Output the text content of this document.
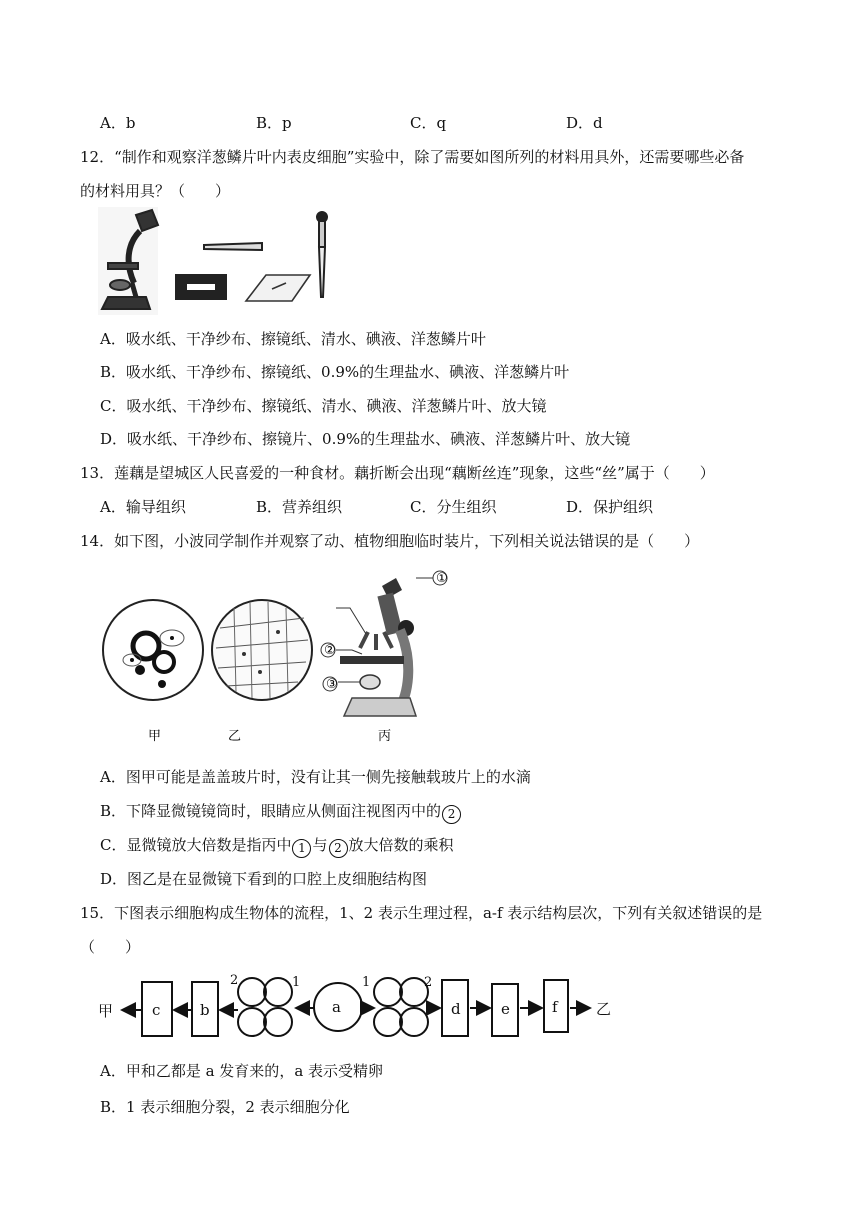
A．b	B．p	C．q	D．d
12．“制作和观察洋葱鳞片叶内表皮细胞”实验中，除了需要如图所列的材料用具外，还需要哪些必备
的材料用具？（　　）
A．吸水纸、干净纱布、擦镜纸、清水、碘液、洋葱鳞片叶
B．吸水纸、干净纱布、擦镜纸、0.9%的生理盐水、碘液、洋葱鳞片叶
C．吸水纸、干净纱布、擦镜纸、清水、碘液、洋葱鳞片叶、放大镜
D．吸水纸、干净纱布、擦镜片、0.9%的生理盐水、碘液、洋葱鳞片叶、放大镜
13．莲藕是望城区人民喜爱的一种食材。藕折断会出现“藕断丝连”现象，这些“丝”属于（　　）
A．输导组织	B．营养组织	C．分生组织	D．保护组织
14．如下图，小波同学制作并观察了动、植物细胞临时装片，下列相关说法错误的是（　　）
甲	乙
①
②
③
丙
A．图甲可能是盖盖玻片时，没有让其一侧先接触载玻片上的水滴
B．下降显微镜镜筒时，眼睛应从侧面注视图丙中的 2
C．显微镜放大倍数是指丙中 1 与 2 放大倍数的乘积
D．图乙是在显微镜下看到的口腔上皮细胞结构图
15．下图表示细胞构成生物体的流程，1、2 表示生理过程，a-f 表示结构层次，下列有关叙述错误的是
（　　）
甲	c	b
2	1
a
1	2
d	e	f	乙
A．甲和乙都是 a 发育来的，a 表示受精卵
B．1 表示细胞分裂，2 表示细胞分化
